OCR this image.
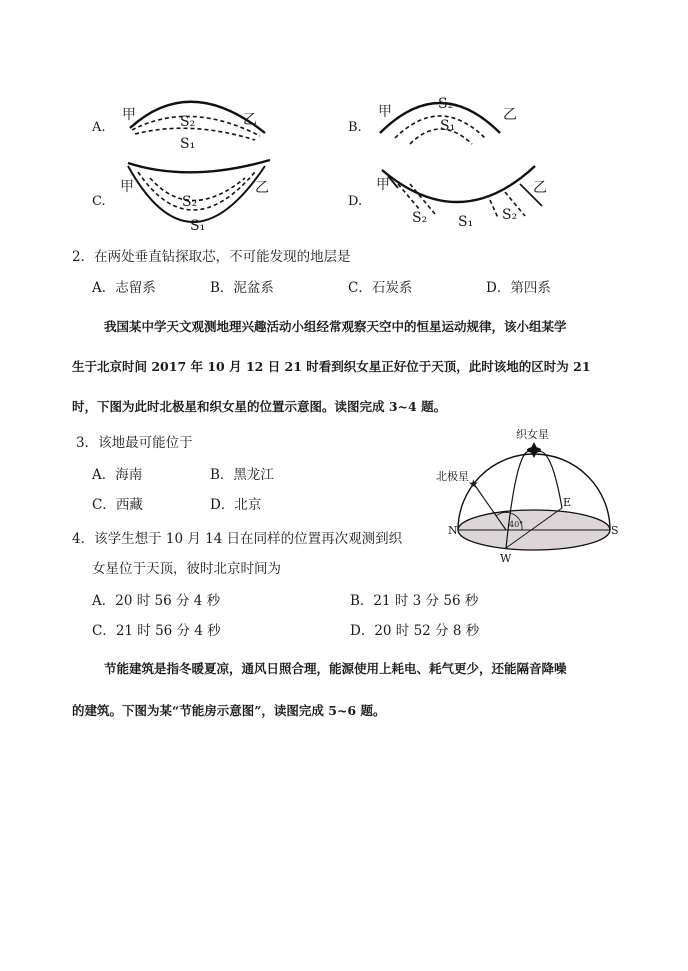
A.
甲	乙
S₂
S₁
B.
甲	乙
S₂
S₁
C.
甲	乙
S₂
S₁
D.
甲	乙
S₂ S₁ S₂
2．在两处垂直钻探取芯，不可能发现的地层是
A．志留系	B．泥盆系	C．石炭系	D．第四系
我国某中学天文观测地理兴趣活动小组经常观察天空中的恒星运动规律，该小组某学
生于北京时间 2017 年 10 月 12 日 21 时看到织女星正好位于天顶，此时该地的区时为 21
时，下图为此时北极星和织女星的位置示意图。读图完成 3~4 题。
3．该地最可能位于
A．海南	B．黑龙江
C．西藏	D．北京
4．该学生想于 10 月 14 日在同样的位置再次观测到织
女星位于天顶，彼时北京时间为
A．20 时 56 分 4 秒	B．21 时 3 分 56 秒
C．21 时 56 分 4 秒	D．20 时 52 分 8 秒
★
织女星
北极星
40°
N	S
E
W
节能建筑是指冬暖夏凉，通风日照合理，能源使用上耗电、耗气更少，还能隔音降噪
的建筑。下图为某“节能房示意图”，读图完成 5~6 题。
